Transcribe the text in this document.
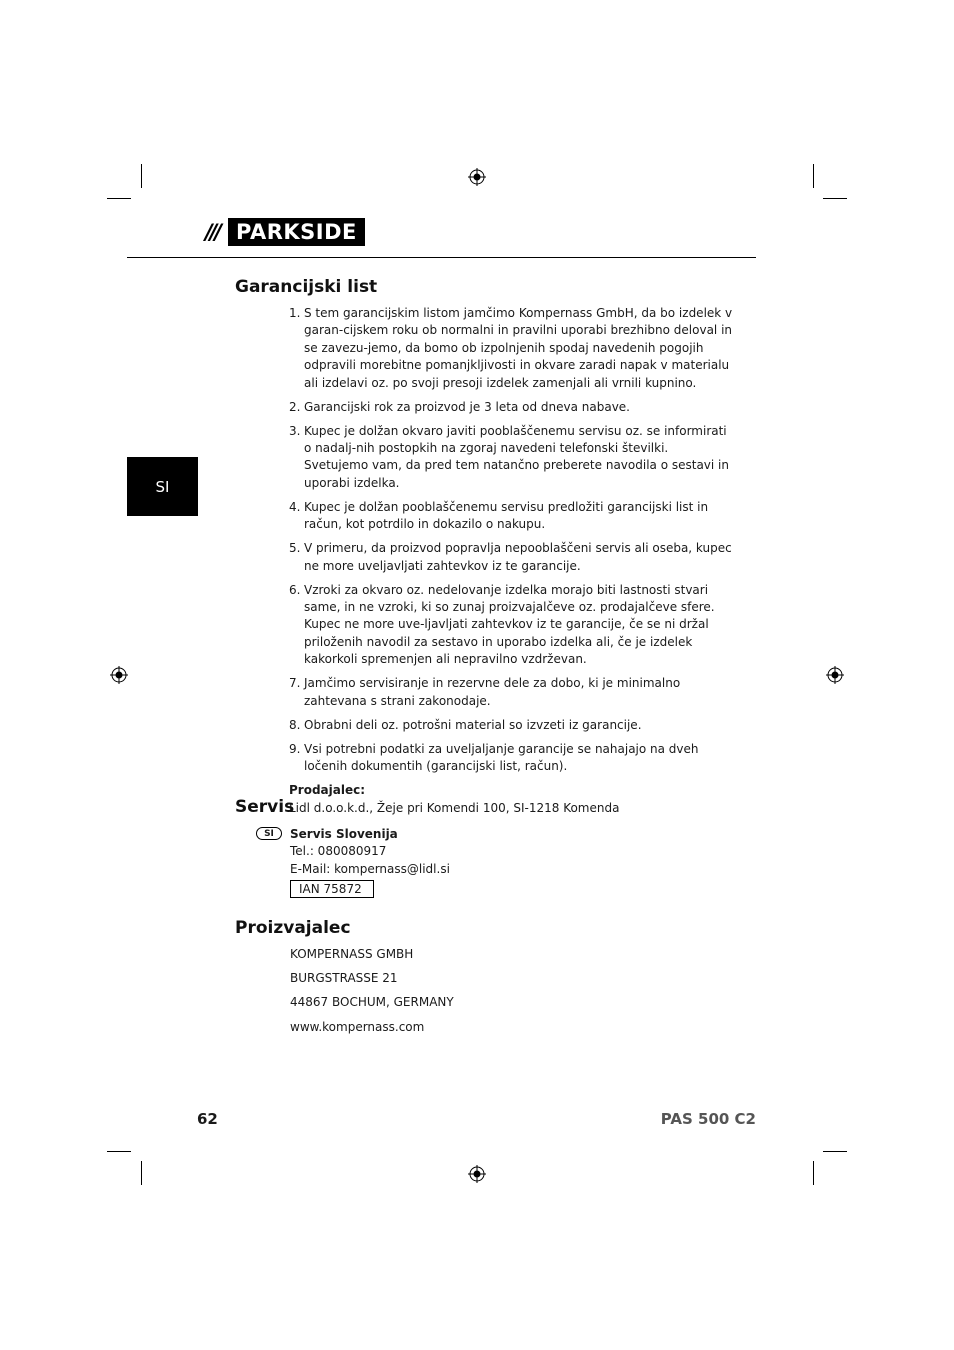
/// PARKSIDE
SI
Garancijski list
1. S tem garancijskim listom jamčimo Kompernass GmbH, da bo izdelek v garan-cijskem roku ob normalni in pravilni uporabi brezhibno deloval in se zavezu-jemo, da bomo ob izpolnjenih spodaj navedenih pogojih odpravili morebitne pomanjkljivosti in okvare zaradi napak v materialu ali izdelavi oz. po svoji presoji izdelek zamenjali ali vrnili kupnino.
2. Garancijski rok za proizvod je 3 leta od dneva nabave.
3. Kupec je dolžan okvaro javiti pooblaščenemu servisu oz. se informirati o nadalj-nih postopkih na zgoraj navedeni telefonski številki. Svetujemo vam, da pred tem natančno preberete navodila o sestavi in uporabi izdelka.
4. Kupec je dolžan pooblaščenemu servisu predložiti garancijski list in račun, kot potrdilo in dokazilo o nakupu.
5. V primeru, da proizvod popravlja nepooblaščeni servis ali oseba, kupec ne more uveljavljati zahtevkov iz te garancije.
6. Vzroki za okvaro oz. nedelovanje izdelka morajo biti lastnosti stvari same, in ne vzroki, ki so zunaj proizvajalčeve oz. prodajalčeve sfere. Kupec ne more uve-ljavljati zahtevkov iz te garancije, če se ni držal priloženih navodil za sestavo in uporabo izdelka ali, če je izdelek kakorkoli spremenjen ali nepravilno vzdrževan.
7. Jamčimo servisiranje in rezervne dele za dobo, ki je minimalno zahtevana s strani zakonodaje.
8. Obrabni deli oz. potrošni material so izvzeti iz garancije.
9. Vsi potrebni podatki za uveljaljanje garancije se nahajajo na dveh ločenih dokumentih (garancijski list, račun).
Prodajalec:
Lidl d.o.o.k.d., Žeje pri Komendi 100, SI-1218 Komenda
Servis
SI	Servis Slovenija
Tel.: 080080917
E-Mail: kompernass@lidl.si
IAN 75872
Proizvajalec
KOMPERNASS GMBH
BURGSTRASSE 21
44867 BOCHUM, GERMANY
www.kompernass.com
62	PAS 500 C2
